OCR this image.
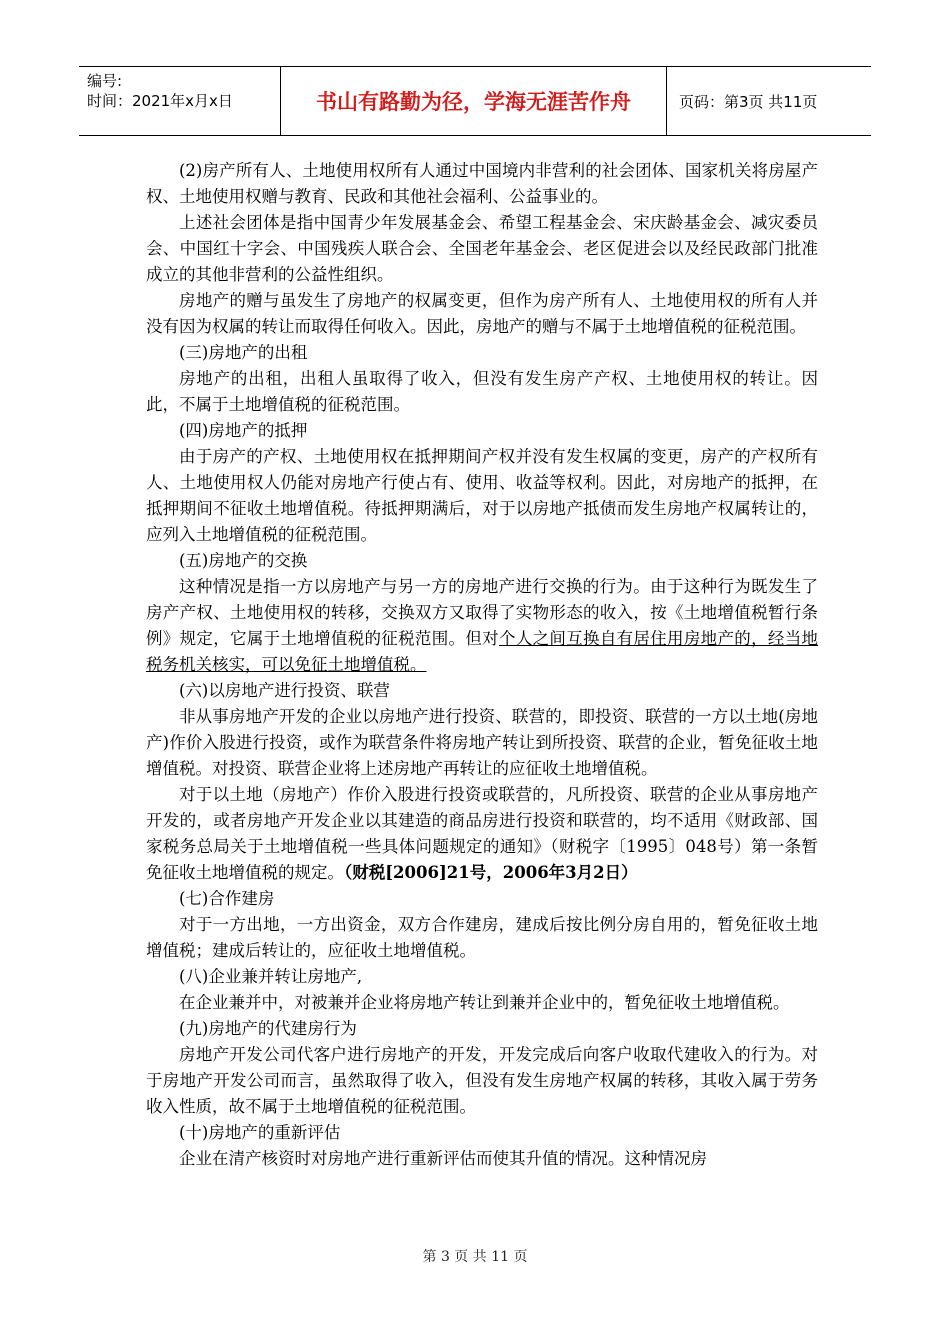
编号:
时间：2021年x月x日	书山有路勤为径，学海无涯苦作舟	页码：第3页 共11页

(2)房产所有人、土地使用权所有人通过中国境内非营利的社会团体、国家机关将房屋产权、土地使用权赠与教育、民政和其他社会福利、公益事业的。

上述社会团体是指中国青少年发展基金会、希望工程基金会、宋庆龄基金会、减灾委员会、中国红十字会、中国残疾人联合会、全国老年基金会、老区促进会以及经民政部门批准成立的其他非营利的公益性组织。

房地产的赠与虽发生了房地产的权属变更，但作为房产所有人、土地使用权的所有人并没有因为权属的转让而取得任何收入。因此，房地产的赠与不属于土地增值税的征税范围。

(三)房地产的出租

房地产的出租，出租人虽取得了收入，但没有发生房产产权、土地使用权的转让。因此，不属于土地增值税的征税范围。

(四)房地产的抵押

由于房产的产权、土地使用权在抵押期间产权并没有发生权属的变更，房产的产权所有人、土地使用权人仍能对房地产行使占有、使用、收益等权利。因此，对房地产的抵押，在抵押期间不征收土地增值税。待抵押期满后，对于以房地产抵债而发生房地产权属转让的，应列入土地增值税的征税范围。

(五)房地产的交换

这种情况是指一方以房地产与另一方的房地产进行交换的行为。由于这种行为既发生了房产产权、土地使用权的转移，交换双方又取得了实物形态的收入，按《土地增值税暂行条例》规定，它属于土地增值税的征税范围。但对个人之间互换自有居住用房地产的，经当地税务机关核实，可以免征土地增值税。

(六)以房地产进行投资、联营

非从事房地产开发的企业以房地产进行投资、联营的，即投资、联营的一方以土地(房地产)作价入股进行投资，或作为联营条件将房地产转让到所投资、联营的企业，暂免征收土地增值税。对投资、联营企业将上述房地产再转让的应征收土地增值税。

对于以土地（房地产）作价入股进行投资或联营的，凡所投资、联营的企业从事房地产开发的，或者房地产开发企业以其建造的商品房进行投资和联营的，均不适用《财政部、国家税务总局关于土地增值税一些具体问题规定的通知》（财税字〔1995〕048号）第一条暂免征收土地增值税的规定。（财税[2006]21号，2006年3月2日）

(七)合作建房

对于一方出地，一方出资金，双方合作建房，建成后按比例分房自用的，暂免征收土地增值税；建成后转让的，应征收土地增值税。

(八)企业兼并转让房地产,

在企业兼并中，对被兼并企业将房地产转让到兼并企业中的，暂免征收土地增值税。

(九)房地产的代建房行为

房地产开发公司代客户进行房地产的开发，开发完成后向客户收取代建收入的行为。对于房地产开发公司而言，虽然取得了收入，但没有发生房地产权属的转移，其收入属于劳务收入性质，故不属于土地增值税的征税范围。

(十)房地产的重新评估

企业在清产核资时对房地产进行重新评估而使其升值的情况。这种情况房

第 3 页 共 11 页
